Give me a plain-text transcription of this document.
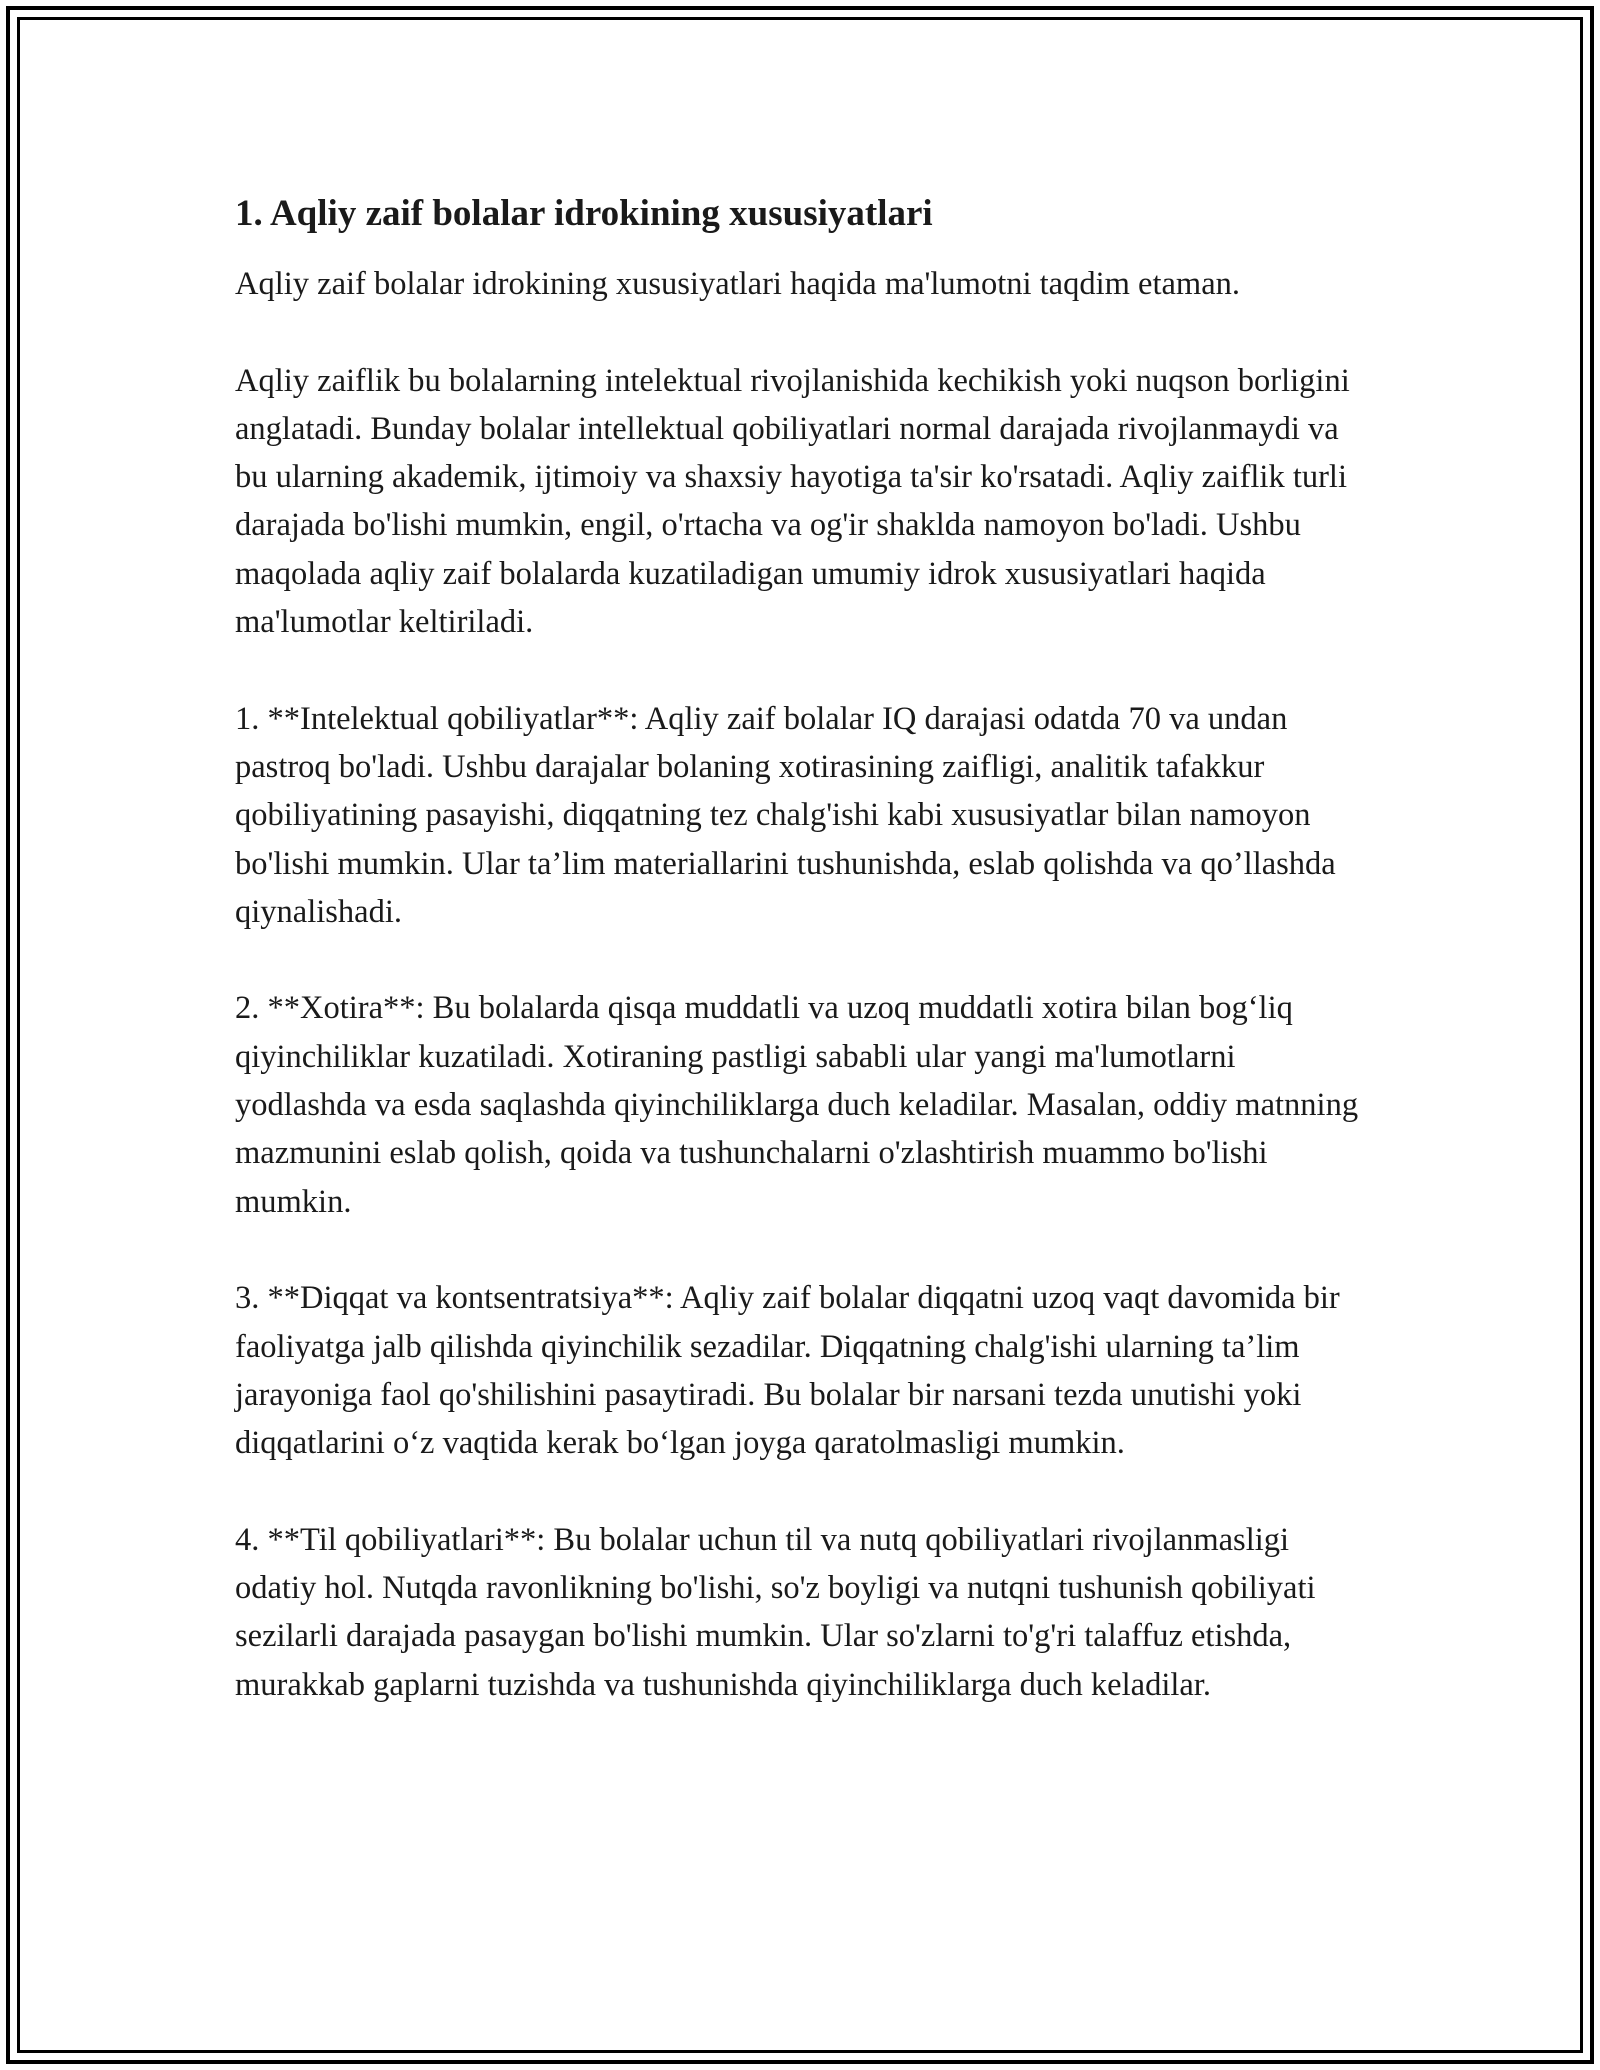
1. Aqliy zaif bolalar idrokining xususiyatlari

Aqliy zaif bolalar idrokining xususiyatlari haqida ma'lumotni taqdim etaman.

Aqliy zaiflik bu bolalarning intelektual rivojlanishida kechikish yoki nuqson borligini anglatadi. Bunday bolalar intellektual qobiliyatlari normal darajada rivojlanmaydi va bu ularning akademik, ijtimoiy va shaxsiy hayotiga ta'sir ko'rsatadi. Aqliy zaiflik turli darajada bo'lishi mumkin, engil, o'rtacha va og'ir shaklda namoyon bo'ladi. Ushbu maqolada aqliy zaif bolalarda kuzatiladigan umumiy idrok xususiyatlari haqida ma'lumotlar keltiriladi.

1. **Intelektual qobiliyatlar**: Aqliy zaif bolalar IQ darajasi odatda 70 va undan pastroq bo'ladi. Ushbu darajalar bolaning xotirasining zaifligi, analitik tafakkur qobiliyatining pasayishi, diqqatning tez chalg'ishi kabi xususiyatlar bilan namoyon bo'lishi mumkin. Ular ta’lim materiallarini tushunishda, eslab qolishda va qo’llashda qiynalishadi.

2. **Xotira**: Bu bolalarda qisqa muddatli va uzoq muddatli xotira bilan bog‘liq qiyinchiliklar kuzatiladi. Xotiraning pastligi sababli ular yangi ma'lumotlarni yodlashda va esda saqlashda qiyinchiliklarga duch keladilar. Masalan, oddiy matnning mazmunini eslab qolish, qoida va tushunchalarni o'zlashtirish muammo bo'lishi mumkin.

3. **Diqqat va kontsentratsiya**: Aqliy zaif bolalar diqqatni uzoq vaqt davomida bir faoliyatga jalb qilishda qiyinchilik sezadilar. Diqqatning chalg'ishi ularning ta’lim jarayoniga faol qo'shilishini pasaytiradi. Bu bolalar bir narsani tezda unutishi yoki diqqatlarini o‘z vaqtida kerak bo‘lgan joyga qaratolmasligi mumkin.

4. **Til qobiliyatlari**: Bu bolalar uchun til va nutq qobiliyatlari rivojlanmasligi odatiy hol. Nutqda ravonlikning bo'lishi, so'z boyligi va nutqni tushunish qobiliyati sezilarli darajada pasaygan bo'lishi mumkin. Ular so'zlarni to'g'ri talaffuz etishda, murakkab gaplarni tuzishda va tushunishda qiyinchiliklarga duch keladilar.
